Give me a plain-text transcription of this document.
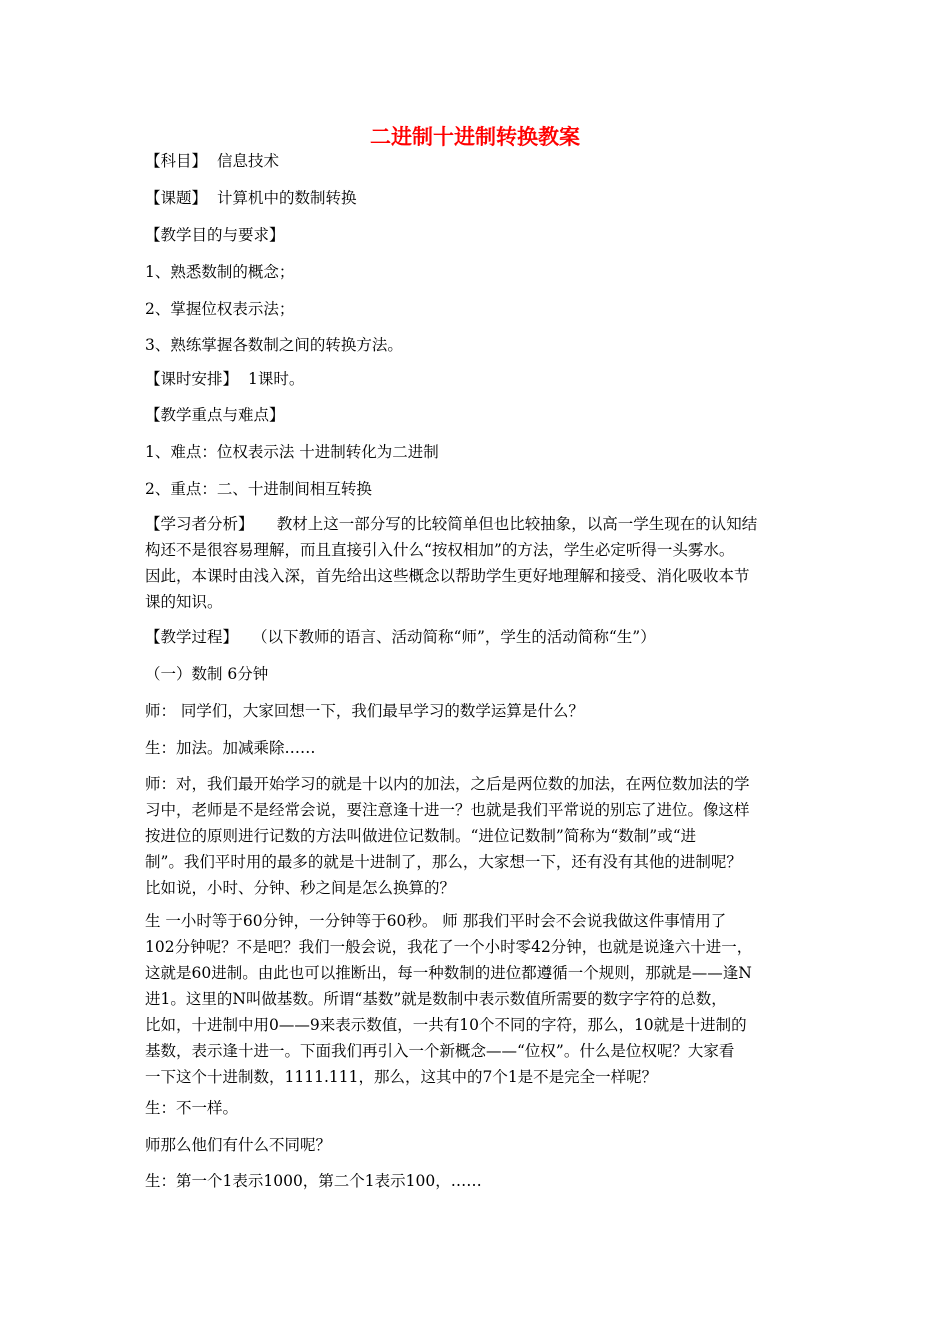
二进制十进制转换教案

【科目】 信息技术

【课题】 计算机中的数制转换

【教学目的与要求】

1、熟悉数制的概念；

2、掌握位权表示法；

3、熟练掌握各数制之间的转换方法。

【课时安排】 1课时。

【教学重点与难点】

1、难点：位权表示法 十进制转化为二进制

2、重点：二、十进制间相互转换

【学习者分析】　　教材上这一部分写的比较简单但也比较抽象，以高一学生现在的认知结
构还不是很容易理解，而且直接引入什么“按权相加”的方法，学生必定听得一头雾水。
因此，本课时由浅入深，首先给出这些概念以帮助学生更好地理解和接受、消化吸收本节
课的知识。

【教学过程】 （以下教师的语言、活动简称“师”，学生的活动简称“生”）

（一）数制 6分钟

师： 同学们，大家回想一下，我们最早学习的数学运算是什么？

生：加法。加减乘除……

师：对，我们最开始学习的就是十以内的加法，之后是两位数的加法，在两位数加法的学
习中，老师是不是经常会说，要注意逢十进一？也就是我们平常说的别忘了进位。像这样
按进位的原则进行记数的方法叫做进位记数制。“进位记数制”简称为“数制”或“进
制”。我们平时用的最多的就是十进制了，那么，大家想一下，还有没有其他的进制呢？
比如说，小时、分钟、秒之间是怎么换算的？
生 一小时等于60分钟，一分钟等于60秒。 师 那我们平时会不会说我做这件事情用了
102分钟呢？不是吧？我们一般会说，我花了一个小时零42分钟，也就是说逢六十进一，
这就是60进制。由此也可以推断出，每一种数制的进位都遵循一个规则，那就是——逢N
进1。这里的N叫做基数。所谓“基数”就是数制中表示数值所需要的数字字符的总数，
比如，十进制中用0——9来表示数值，一共有10个不同的字符，那么，10就是十进制的
基数，表示逢十进一。下面我们再引入一个新概念——“位权”。什么是位权呢？大家看
一下这个十进制数，1111.111，那么，这其中的7个1是不是完全一样呢？

生：不一样。

师那么他们有什么不同呢？

生：第一个1表示1000，第二个1表示100，……
